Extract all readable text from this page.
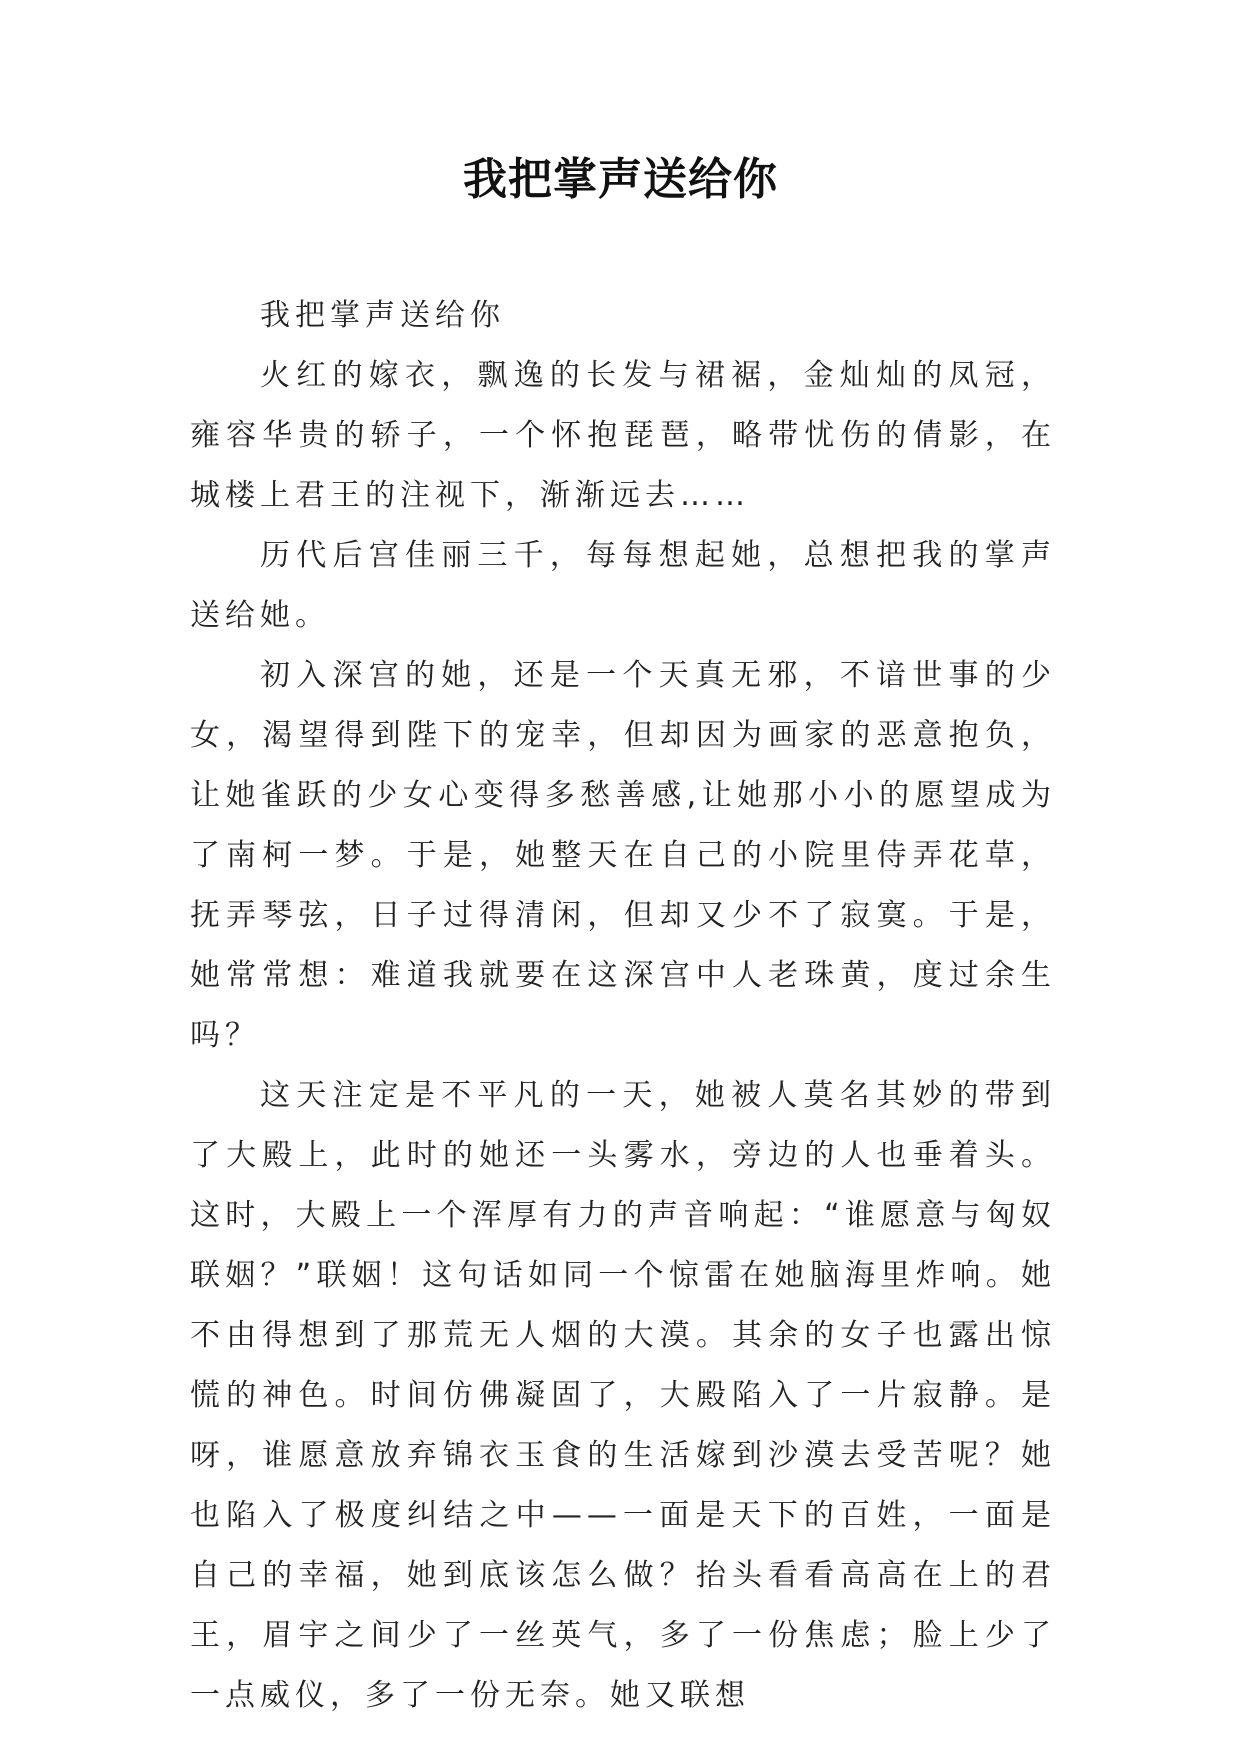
我把掌声送给你

我把掌声送给你

火红的嫁衣，飘逸的长发与裙裾，金灿灿的凤冠，雍容华贵的轿子，一个怀抱琵琶，略带忧伤的倩影，在城楼上君王的注视下，渐渐远去……

历代后宫佳丽三千，每每想起她，总想把我的掌声送给她。

初入深宫的她，还是一个天真无邪，不谙世事的少女，渴望得到陛下的宠幸，但却因为画家的恶意抱负，让她雀跃的少女心变得多愁善感,让她那小小的愿望成为了南柯一梦。于是，她整天在自己的小院里侍弄花草，抚弄琴弦，日子过得清闲，但却又少不了寂寞。于是，她常常想：难道我就要在这深宫中人老珠黄，度过余生吗？

这天注定是不平凡的一天，她被人莫名其妙的带到了大殿上，此时的她还一头雾水，旁边的人也垂着头。这时，大殿上一个浑厚有力的声音响起：“谁愿意与匈奴联姻？”联姻！这句话如同一个惊雷在她脑海里炸响。她不由得想到了那荒无人烟的大漠。其余的女子也露出惊慌的神色。时间仿佛凝固了，大殿陷入了一片寂静。是呀，谁愿意放弃锦衣玉食的生活嫁到沙漠去受苦呢？她也陷入了极度纠结之中——一面是天下的百姓，一面是自己的幸福，她到底该怎么做？抬头看看高高在上的君王，眉宇之间少了一丝英气，多了一份焦虑；脸上少了一点威仪，多了一份无奈。她又联想
